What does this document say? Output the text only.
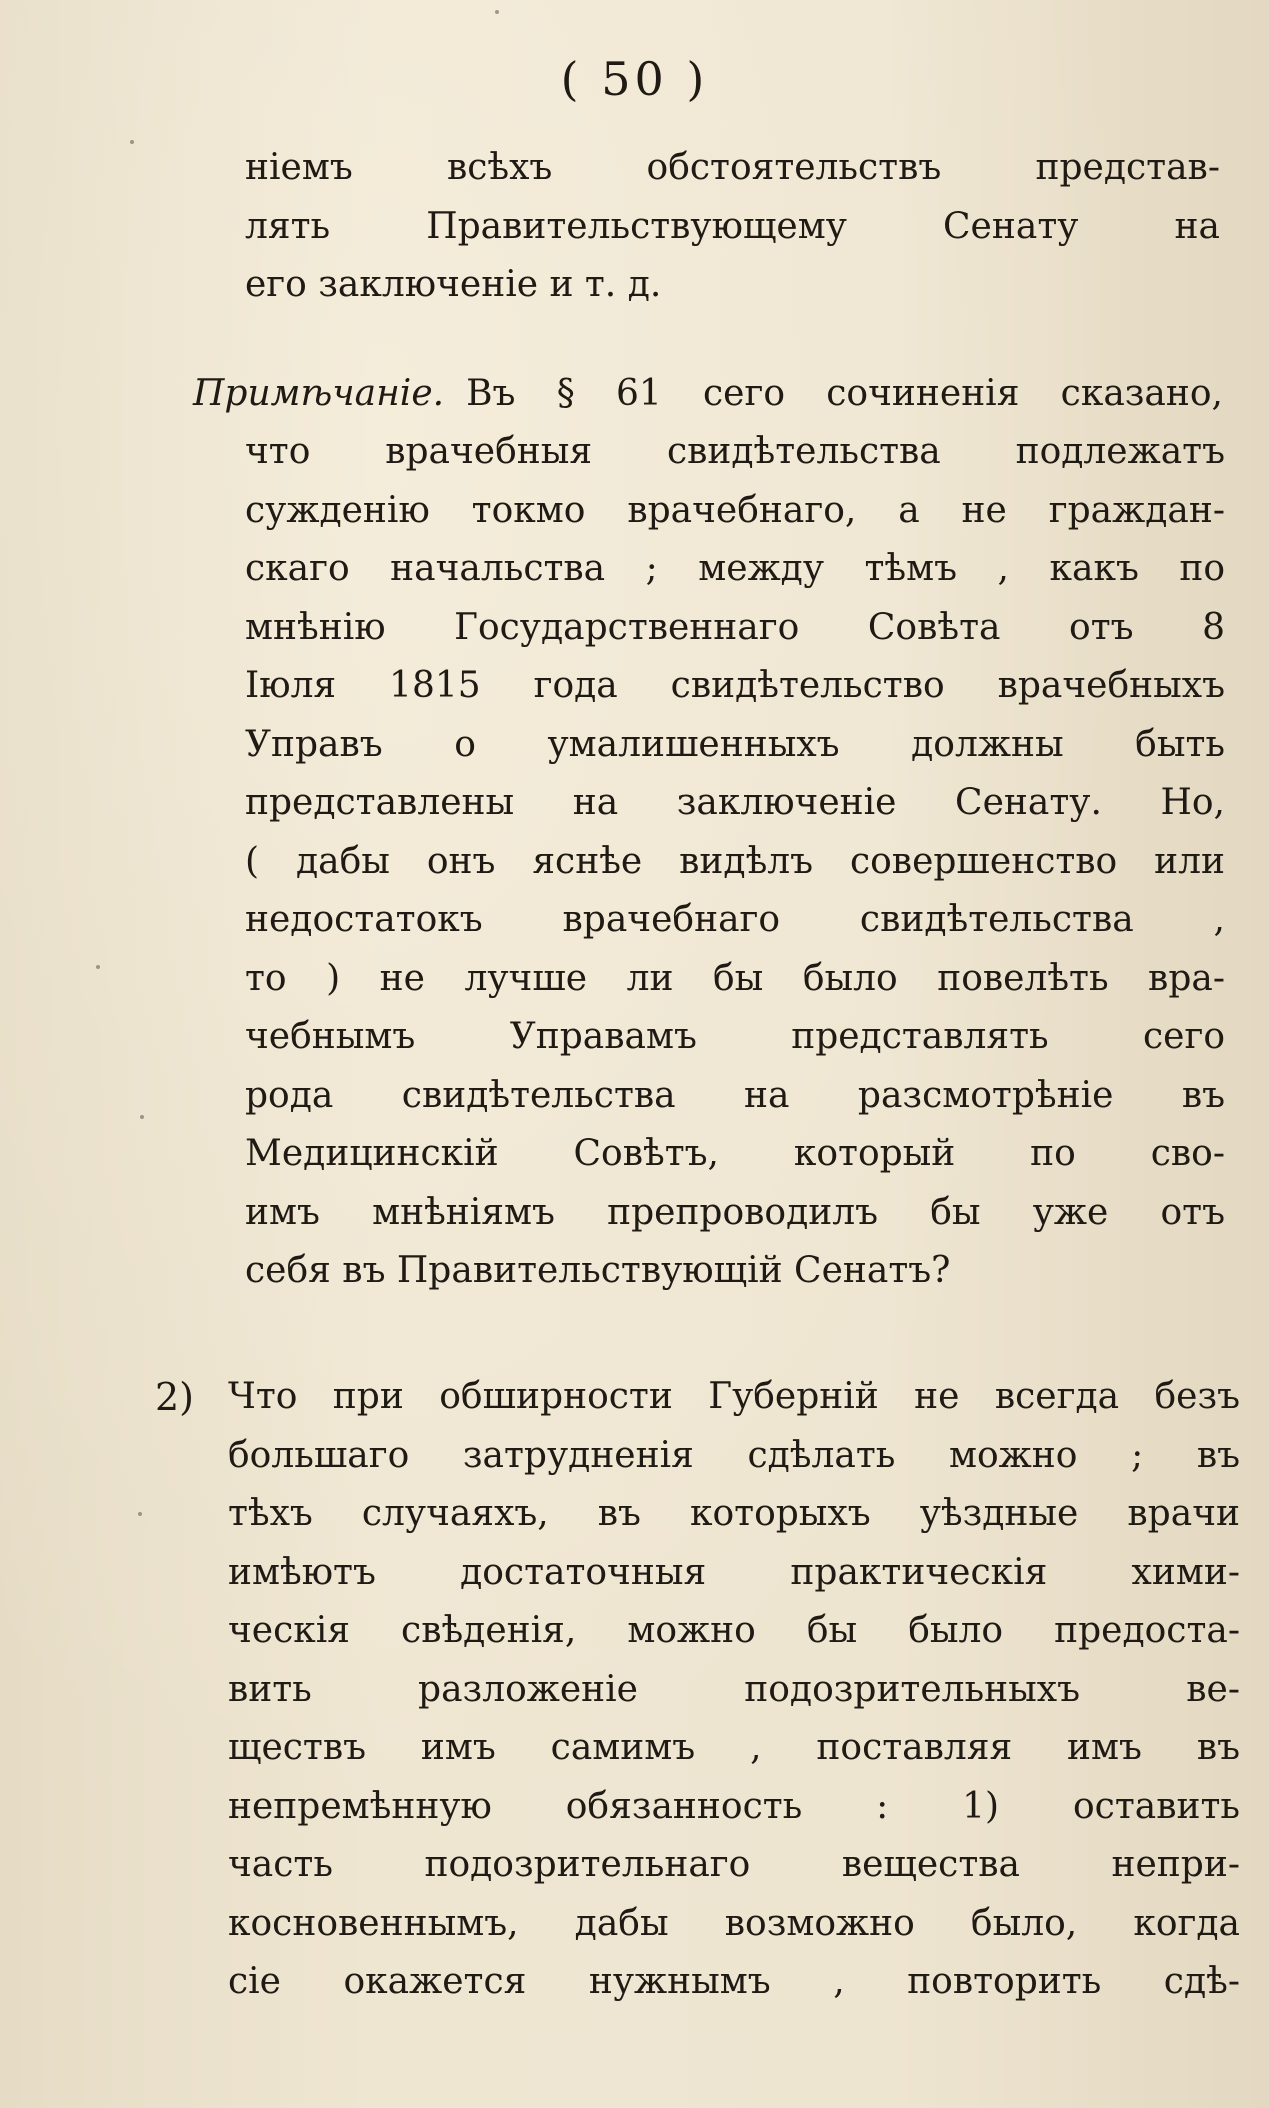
( 50 )
нiемъ всѣхъ обстоятельствъ представ-
лять Правительствующему Сенату на
его заключенiе и т. д.
Примѣчанiе. Въ § 61 сего сочиненiя сказано,
что врачебныя свидѣтельства подлежатъ
сужденiю токмо врачебнаго, а не граждан-
скаго начальства ; между тѣмъ , какъ по
мнѣнiю Государственнаго Совѣта отъ 8
Iюля 1815 года свидѣтельство врачебныхъ
Управъ о умалишенныхъ должны быть
представлены на заключенiе Сенату. Но,
( дабы онъ яснѣе видѣлъ совершенство или
недостатокъ врачебнаго свидѣтельства ,
то ) не лучше ли бы было повелѣть вра-
чебнымъ Управамъ представлять сего
рода свидѣтельства на разсмотрѣнiе въ
Медицинскiй Совѣтъ, который по сво-
имъ мнѣнiямъ препроводилъ бы уже отъ
себя въ Правительствующiй Сенатъ?
2) Что при обширности Губернiй не всегда безъ
большаго затрудненiя сдѣлать можно ; въ
тѣхъ случаяхъ, въ которыхъ уѣздные врачи
имѣютъ достаточныя практическiя хими-
ческiя свѣденiя, можно бы было предоста-
вить разложенiе подозрительныхъ ве-
ществъ имъ самимъ , поставляя имъ въ
непремѣнную обязанность : 1) оставить
часть подозрительнаго вещества непри-
косновеннымъ, дабы возможно было, когда
сiе окажется нужнымъ , повторить сдѣ-
